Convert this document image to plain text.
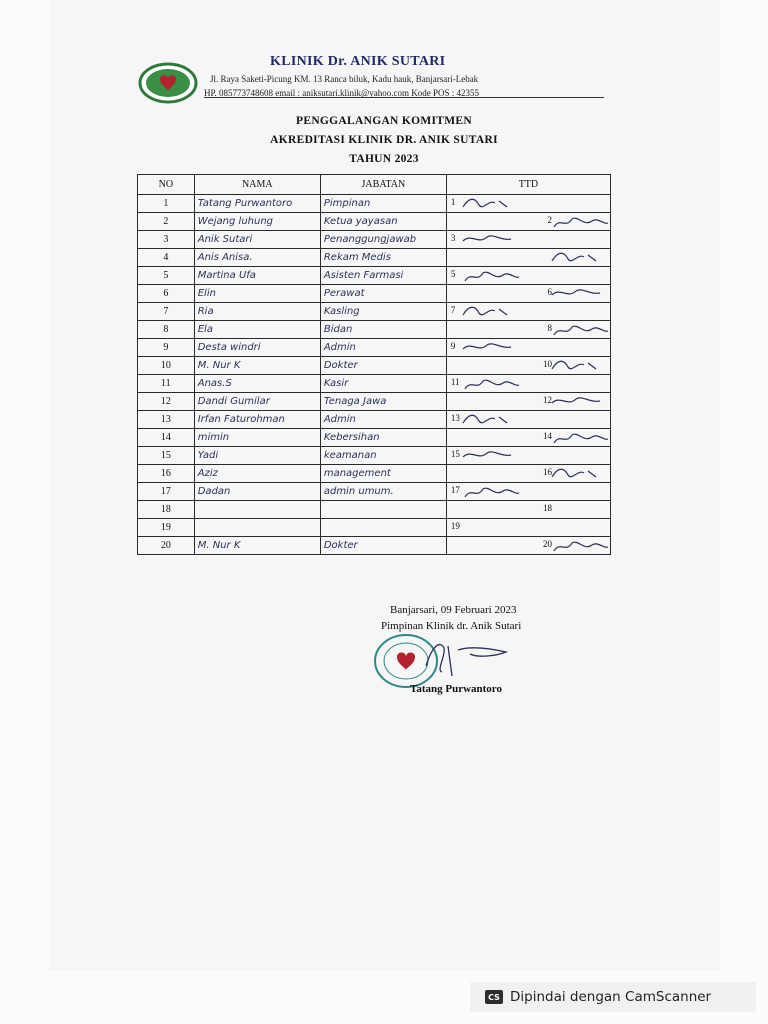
KLINIK Dr. ANIK SUTARI
Jl. Raya Saketi-Picung KM. 13 Ranca biluk, Kadu hauk, Banjarsari-Lebak
HP. 085773748608 email : aniksutari.klinik@yahoo.com Kode POS : 42355
PENGGALANGAN KOMITMEN
AKREDITASI KLINIK DR. ANIK SUTARI
TAHUN 2023
NO	NAMA	JABATAN	TTD
1	Tatang Purwantoro	Pimpinan	1

2	Wejang luhung	Ketua yayasan	2

3	Anik Sutari	Penanggungjawab	3

4	Anis Anisa.	Rekam Medis	

5	Martina Ufa	Asisten Farmasi	5

6	Elin	Perawat	6

7	Ria	Kasling	7

8	Ela	Bidan	8

9	Desta windri	Admin	9

10	M. Nur K	Dokter	10

11	Anas.S	Kasir	11

12	Dandi Gumilar	Tenaga Jawa	12

13	Irfan Faturohman	Admin	13

14	mimin	Kebersihan	14

15	Yadi	keamanan	15

16	Aziz	management	16

17	Dadan	admin umum.	17

18			18

19			19

20	M. Nur K	Dokter	20
Banjarsari, 09 Februari 2023
Pimpinan Klinik dr. Anik Sutari
Tatang Purwantoro
CS Dipindai dengan CamScanner
